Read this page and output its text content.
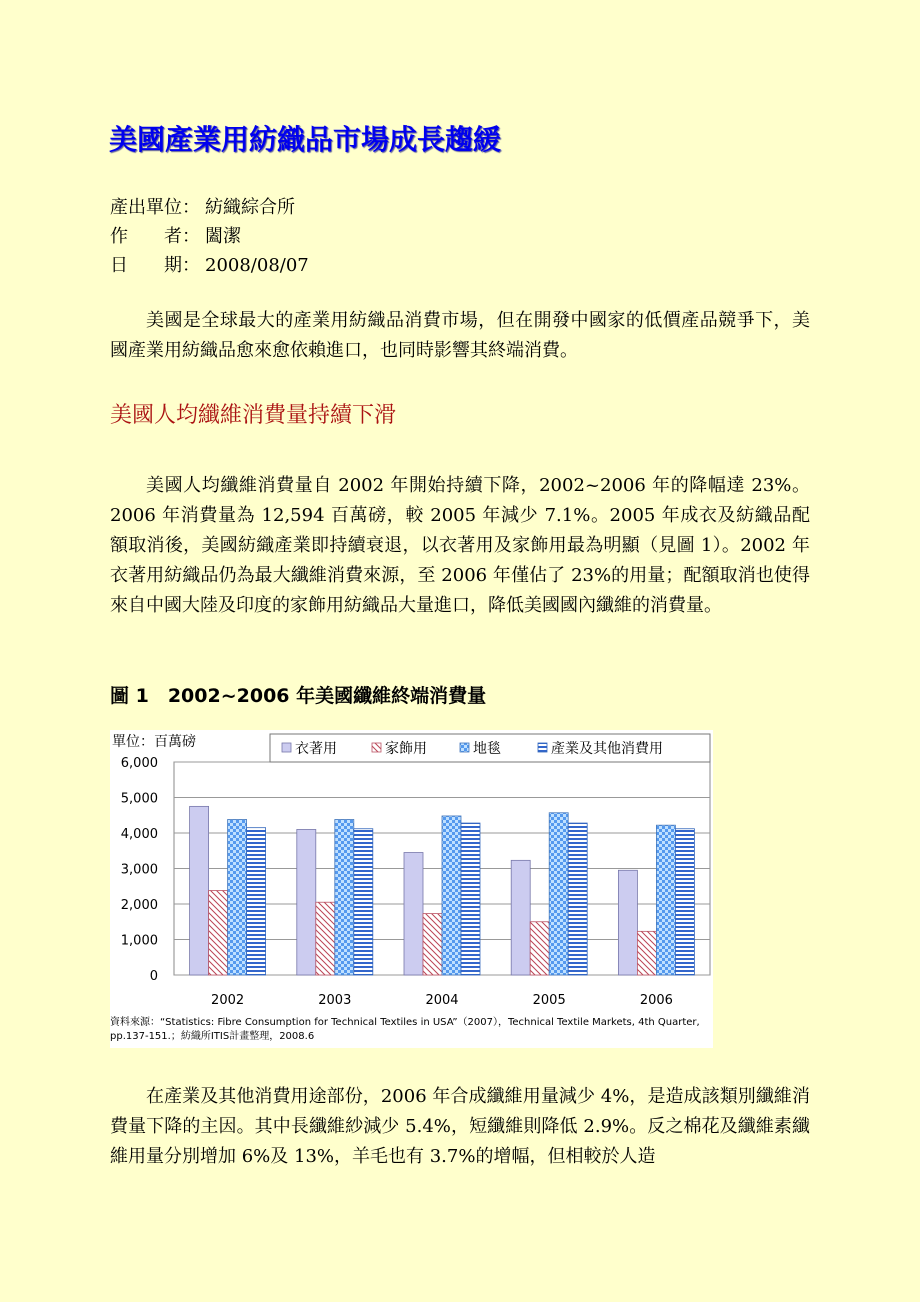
美國產業用紡織品市場成長趨緩
產出單位： 紡織綜合所
作　　者： 闔潔
日　　期： 2008/08/07

美國是全球最大的產業用紡織品消費市場，但在開發中國家的低價產品競爭下，美國產業用紡織品愈來愈依賴進口，也同時影響其終端消費。

美國人均纖維消費量持續下滑

美國人均纖維消費量自 2002 年開始持續下降，2002~2006 年的降幅達 23%。2006 年消費量為 12,594 百萬磅，較 2005 年減少 7.1%。2005 年成衣及紡織品配額取消後，美國紡織產業即持續衰退，以衣著用及家飾用最為明顯（見圖 1）。2002 年衣著用紡織品仍為最大纖維消費來源，至 2006 年僅佔了 23%的用量；配額取消也使得來自中國大陸及印度的家飾用紡織品大量進口，降低美國國內纖維的消費量。

圖 1　2002~2006 年美國纖維終端消費量
0
1,000
2,000
3,000
4,000
5,000
6,000
單位：百萬磅
2002	2003	2004	2005	2006
衣著用	家飾用	地毯	產業及其他消費用
資料來源：“Statistics: Fibre Consumption for Technical Textiles in USA”（2007），Technical Textile Markets, 4th Quarter, pp.137-151.；紡織所ITIS計畫整理，2008.6

在產業及其他消費用途部份，2006 年合成纖維用量減少 4%，是造成該類別纖維消費量下降的主因。其中長纖維紗減少 5.4%，短纖維則降低 2.9%。反之棉花及纖維素纖維用量分別增加 6%及 13%，羊毛也有 3.7%的增幅，但相較於人造
